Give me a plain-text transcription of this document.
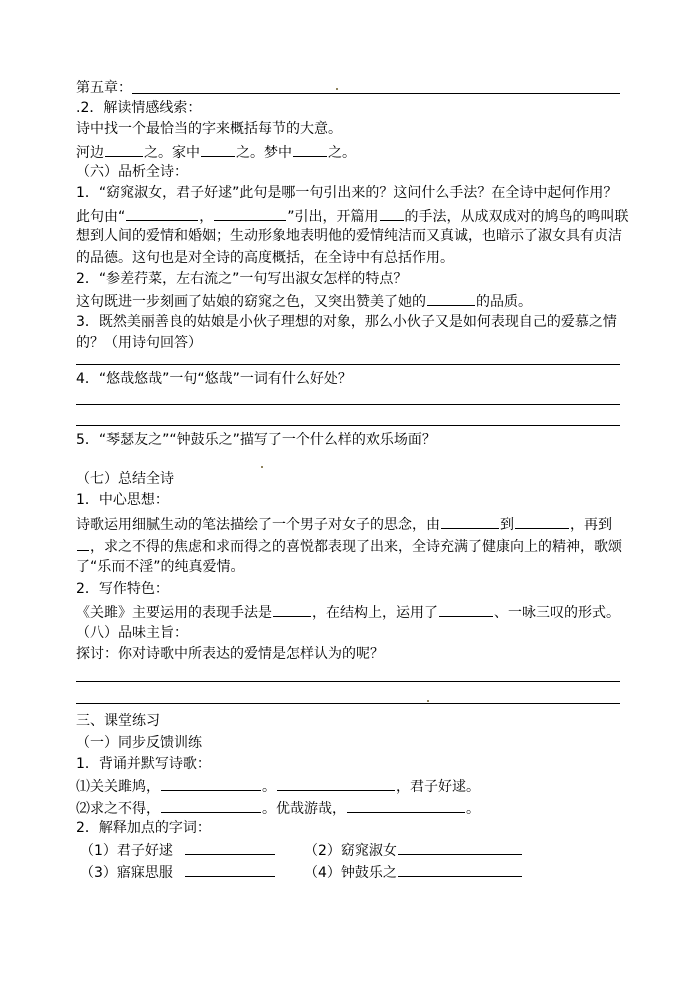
第五章：
.2．解读情感线索：
诗中找一个最恰当的字来概括每节的大意。
河边	之。家中	之。梦中	之。
（六）品析全诗：
1．“窈窕淑女，君子好逑”此句是哪一句引出来的？这问什么手法？在全诗中起何作用？
此句由“	，	”引出，开篇用 的手法，从成双成对的鸠鸟的鸣叫联
想到人间的爱情和婚姻；生动形象地表明他的爱情纯洁而又真诚，也暗示了淑女具有贞洁
的品德。这句也是对全诗的高度概括，在全诗中有总括作用。
2．“参差荇菜，左右流之”一句写出淑女怎样的特点？
这句既进一步刻画了姑娘的窈窕之色，又突出赞美了她的	的品质。
3．既然美丽善良的姑娘是小伙子理想的对象，那么小伙子又是如何表现自己的爱慕之情
的？（用诗句回答）
4．“悠哉悠哉”一句“悠哉”一词有什么好处？
5．“琴瑟友之”“钟鼓乐之”描写了一个什么样的欢乐场面？
（七）总结全诗
1．中心思想：
诗歌运用细腻生动的笔法描绘了一个男子对女子的思念，由	到	，再到
，求之不得的焦虑和求而得之的喜悦都表现了出来，全诗充满了健康向上的精神，歌颂
了“乐而不淫”的纯真爱情。
2．写作特色：
《关雎》主要运用的表现手法是	，在结构上，运用了	、一咏三叹的形式。
（八）品味主旨：
探讨：你对诗歌中所表达的爱情是怎样认为的呢？
三、课堂练习
（一）同步反馈训练
1．背诵并默写诗歌：
⑴关关雎鸠，	。	，君子好逑。
⑵求之不得，	。优哉游哉，	。
2．解释加点的字词：
（1）君子好逑	（2）窈窕淑女
（3）寤寐思服	（4）钟鼓乐之
